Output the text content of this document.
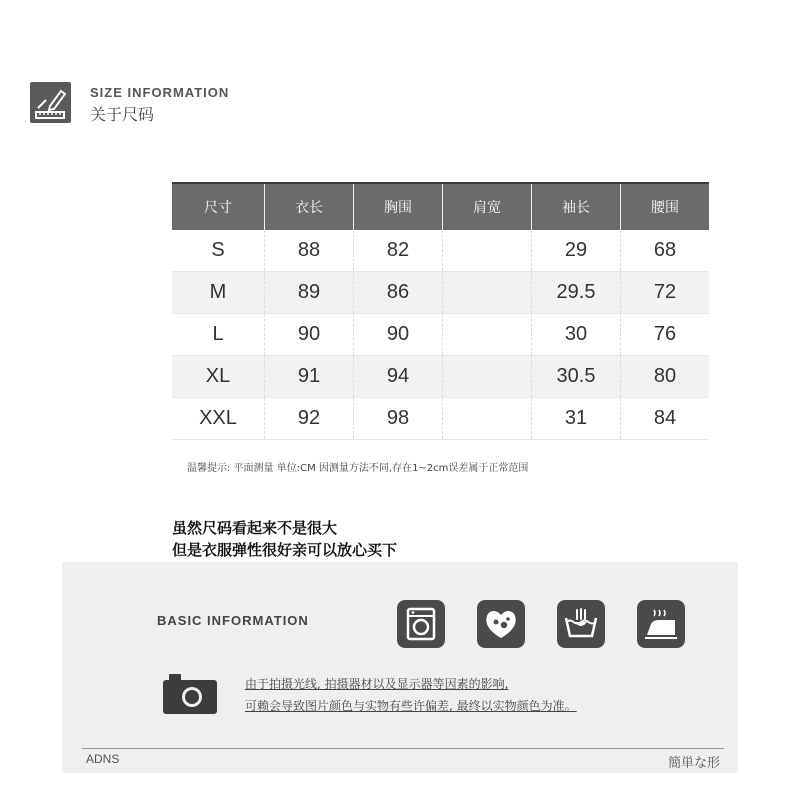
SIZE INFORMATION
关于尺码
尺寸	衣长	胸围	肩宽	袖长	腰围
S	88	82		29	68
M	89	86		29.5	72
L	90	90		30	76
XL	91	94		30.5	80
XXL	92	98		31	84
温馨提示: 平面测量 单位:CM 因测量方法不同,存在1~2cm误差属于正常范围
虽然尺码看起来不是很大
但是衣服弹性很好亲可以放心买下
BASIC INFORMATION
由于拍摄光线, 拍摄器材以及显示器等因素的影响,
可赖会导致图片颜色与实物有些许偏差, 最终以实物颜色为准。
ADNS	簡単な形
